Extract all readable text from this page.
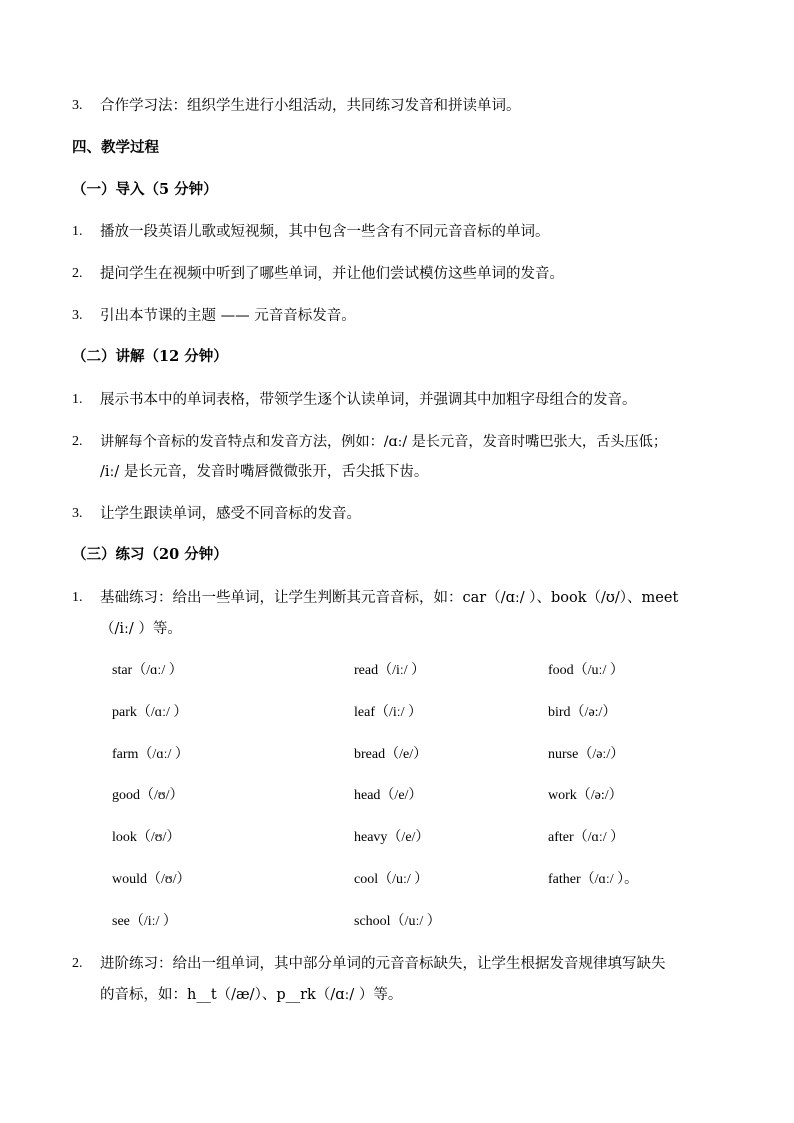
3.	合作学习法：组织学生进行小组活动，共同练习发音和拼读单词。
四、教学过程
（一）导入（5 分钟）
1.	播放一段英语儿歌或短视频，其中包含一些含有不同元音音标的单词。
2.	提问学生在视频中听到了哪些单词，并让他们尝试模仿这些单词的发音。
3.	引出本节课的主题 —— 元音音标发音。
（二）讲解（12 分钟）
1.	展示书本中的单词表格，带领学生逐个认读单词，并强调其中加粗字母组合的发音。
2.	讲解每个音标的发音特点和发音方法，例如：/ɑː/ 是长元音，发音时嘴巴张大，舌头压低；
/iː/ 是长元音，发音时嘴唇微微张开，舌尖抵下齿。
3.	让学生跟读单词，感受不同音标的发音。
（三）练习（20 分钟）
1.	基础练习：给出一些单词，让学生判断其元音音标，如：car（/ɑː/ ）、book（/ʊ/）、meet
（/iː/ ）等。
star（/ɑː/ ）	read（/iː/ ）	food（/uː/ ）
park（/ɑː/ ）	leaf（/iː/ ）	bird（/ə:/）
farm（/ɑː/ ）	bread（/e/）	nurse（/əː/）
good（/ʊ/）	head（/e/）	work（/ə:/）
look（/ʊ/）	heavy（/e/）	after（/ɑː/ ）
would（/ʊ/）	cool（/uː/ ）	father（/ɑː/ ）。
see（/iː/ ）	school（/uː/ ）
2.	进阶练习：给出一组单词，其中部分单词的元音音标缺失，让学生根据发音规律填写缺失
的音标，如：h__t（/æ/）、p__rk（/ɑː/ ）等。
